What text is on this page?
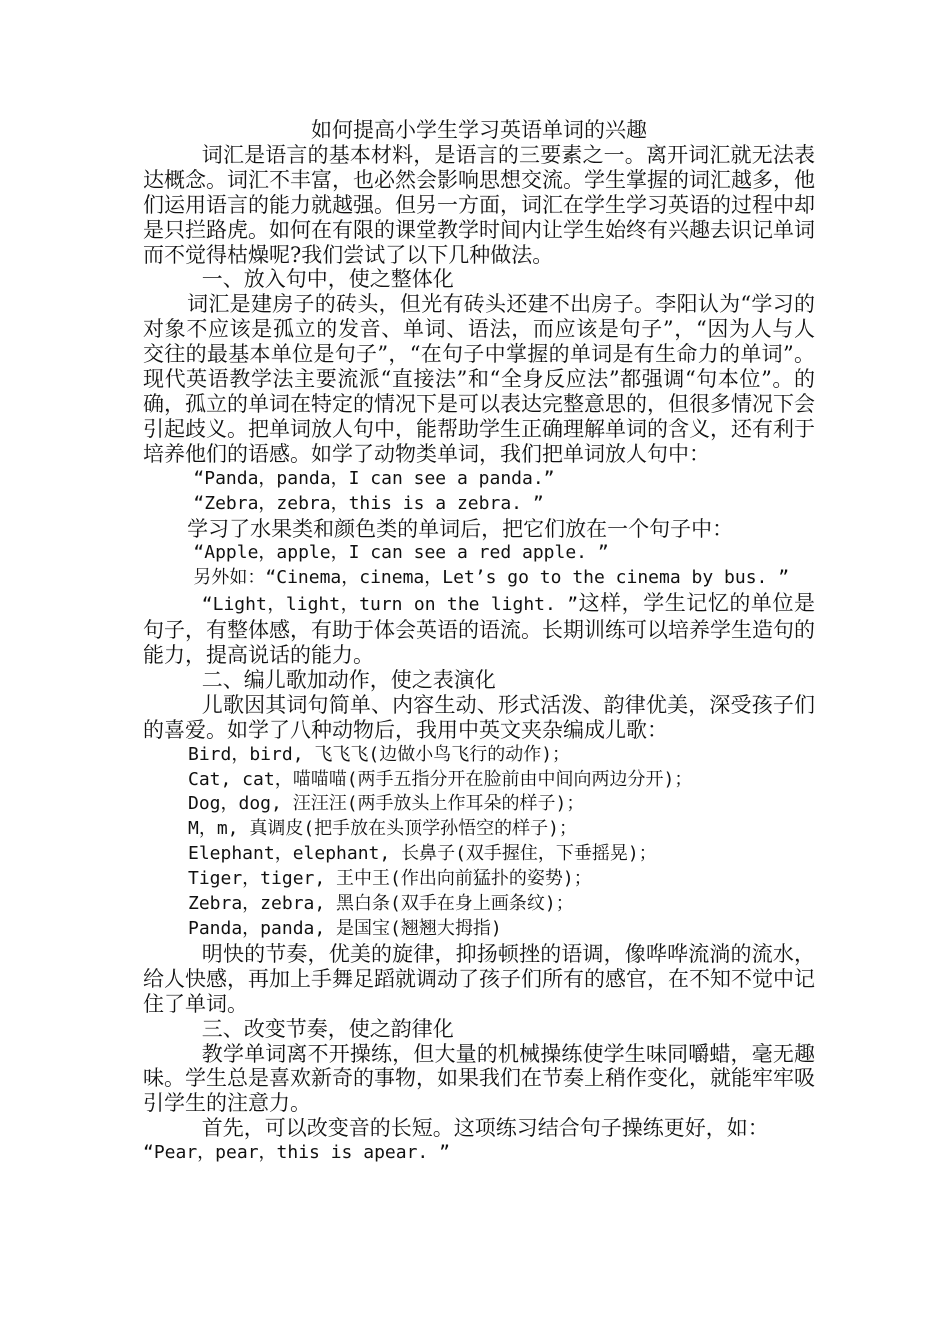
如何提高小学生学习英语单词的兴趣

词汇是语言的基本材料，是语言的三要素之一。离开词汇就无法表达概念。词汇不丰富，也必然会影响思想交流。学生掌握的词汇越多，他们运用语言的能力就越强。但另一方面，词汇在学生学习英语的过程中却是只拦路虎。如何在有限的课堂教学时间内让学生始终有兴趣去识记单词而不觉得枯燥呢?我们尝试了以下几种做法。

一、放入句中，使之整体化

词汇是建房子的砖头，但光有砖头还建不出房子。李阳认为“学习的对象不应该是孤立的发音、单词、语法，而应该是句子”，“因为人与人交往的最基本单位是句子”，“在句子中掌握的单词是有生命力的单词”。现代英语教学法主要流派“直接法”和“全身反应法”都强调“句本位”。的确，孤立的单词在特定的情况下是可以表达完整意思的，但很多情况下会引起歧义。把单词放人句中，能帮助学生正确理解单词的含义，还有利于培养他们的语感。如学了动物类单词，我们把单词放人句中：

“Panda，panda，I can see a panda.”

“Zebra，zebra，this is a zebra. ”

学习了水果类和颜色类的单词后，把它们放在一个句子中：

“Apple，apple，I can see a red apple. ”

另外如：“Cinema，cinema，Let’s go to the cinema by bus. ”

“Light，light，turn on the light. ”这样，学生记忆的单位是句子，有整体感，有助于体会英语的语流。长期训练可以培养学生造句的能力，提高说话的能力。

二、编儿歌加动作，使之表演化

儿歌因其词句简单、内容生动、形式活泼、韵律优美，深受孩子们的喜爱。如学了八种动物后，我用中英文夹杂编成儿歌：

Bird，bird, 飞飞飞(边做小鸟飞行的动作)；

Cat, cat，喵喵喵(两手五指分开在脸前由中间向两边分开)；

Dog，dog, 汪汪汪(两手放头上作耳朵的样子)；

M，m, 真调皮(把手放在头顶学孙悟空的样子)；

Elephant，elephant, 长鼻子(双手握住，下垂摇晃)；

Tiger，tiger, 王中王(作出向前猛扑的姿势)；

Zebra，zebra, 黑白条(双手在身上画条纹)；

Panda，panda, 是国宝(翘翘大拇指)

明快的节奏，优美的旋律，抑扬顿挫的语调，像哗哗流淌的流水，给人快感，再加上手舞足蹈就调动了孩子们所有的感官，在不知不觉中记住了单词。

三、改变节奏，使之韵律化

教学单词离不开操练，但大量的机械操练使学生味同嚼蜡，毫无趣味。学生总是喜欢新奇的事物，如果我们在节奏上稍作变化，就能牢牢吸引学生的注意力。

首先，可以改变音的长短。这项练习结合句子操练更好，如：

“Pear，pear，this is apear. ”
